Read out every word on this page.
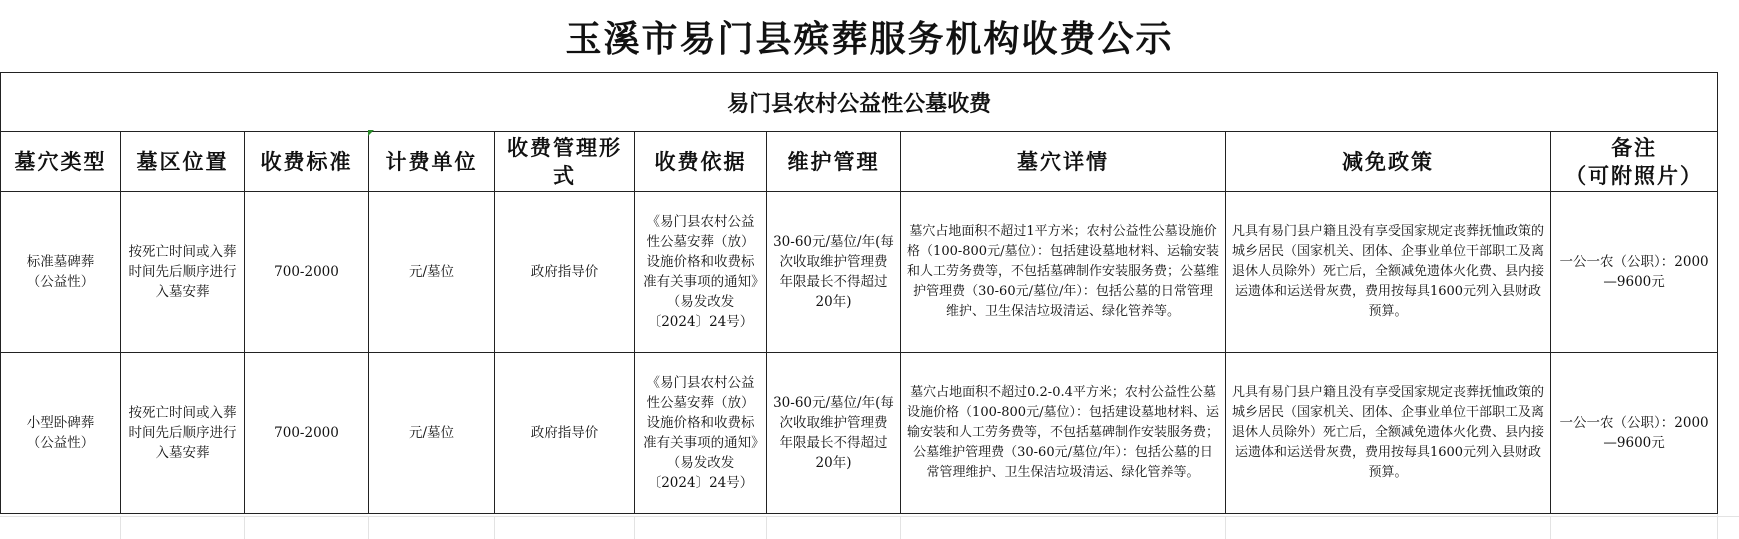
玉溪市易门县殡葬服务机构收费公示
易门县农村公益性公墓收费									
墓穴类型	墓区位置	收费标准	计费单位	收费管理形式	收费依据	维护管理	墓穴详情	减免政策	备注
（可附照片）

标准墓碑葬（公益性）	按死亡时间或入葬时间先后顺序进行入墓安葬	700-2000	元/墓位	政府指导价	《易门县农村公益性公墓安葬（放）设施价格和收费标准有关事项的通知》（易发改发〔2024〕24号）	30-60元/墓位/年(每次收取维护管理费年限最长不得超过20年)	墓穴占地面积不超过1平方米；农村公益性公墓设施价格（100-800元/墓位）：包括建设墓地材料、运输安装和人工劳务费等，不包括墓碑制作安装服务费；公墓维护管理费（30-60元/墓位/年）：包括公墓的日常管理维护、卫生保洁垃圾清运、绿化管养等。	凡具有易门县户籍且没有享受国家规定丧葬抚恤政策的城乡居民（国家机关、团体、企事业单位干部职工及离退休人员除外）死亡后，全额减免遗体火化费、县内接运遗体和运送骨灰费，费用按每具1600元列入县财政预算。	一公一农（公职）：2000—9600元
小型卧碑葬（公益性）	按死亡时间或入葬时间先后顺序进行入墓安葬	700-2000	元/墓位	政府指导价	《易门县农村公益性公墓安葬（放）设施价格和收费标准有关事项的通知》（易发改发〔2024〕24号）	30-60元/墓位/年(每次收取维护管理费年限最长不得超过20年)	墓穴占地面积不超过0.2-0.4平方米；农村公益性公墓设施价格（100-800元/墓位）：包括建设墓地材料、运输安装和人工劳务费等，不包括墓碑制作安装服务费；公墓维护管理费（30-60元/墓位/年）：包括公墓的日常管理维护、卫生保洁垃圾清运、绿化管养等。	凡具有易门县户籍且没有享受国家规定丧葬抚恤政策的城乡居民（国家机关、团体、企事业单位干部职工及离退休人员除外）死亡后，全额减免遗体火化费、县内接运遗体和运送骨灰费，费用按每具1600元列入县财政预算。	一公一农（公职）：2000—9600元
